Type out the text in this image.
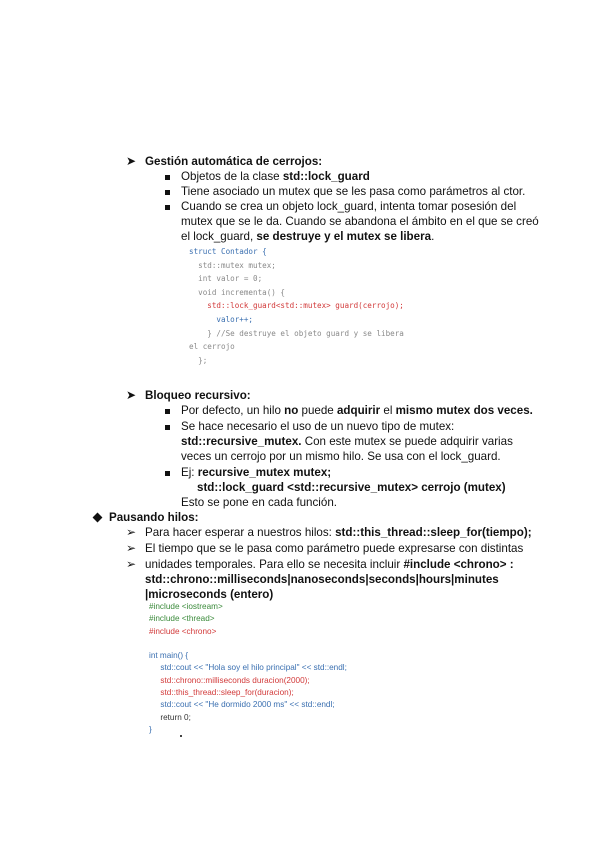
➤ Gestión automática de cerrojos:
Objetos de la clase std::lock_guard
Tiene asociado un mutex que se les pasa como parámetros al ctor.
Cuando se crea un objeto lock_guard, intenta tomar posesión del
mutex que se le da. Cuando se abandona el ámbito en el que se creó
el lock_guard, se destruye y el mutex se libera.
struct Contador {
std::mutex mutex;
int valor = 0;
void incrementa() {
std::lock_guard<std::mutex> guard(cerrojo);
valor++;
} //Se destruye el objeto guard y se libera
el cerrojo
};
➤ Bloqueo recursivo:
Por defecto, un hilo no puede adquirir el mismo mutex dos veces.
Se hace necesario el uso de un nuevo tipo de mutex:
std::recursive_mutex. Con este mutex se puede adquirir varias
veces un cerrojo por un mismo hilo. Se usa con el lock_guard.
Ej: recursive_mutex mutex;
std::lock_guard <std::recursive_mutex> cerrojo (mutex)
Esto se pone en cada función.
Pausando hilos:
➢ Para hacer esperar a nuestros hilos: std::this_thread::sleep_for(tiempo);
➢ El tiempo que se le pasa como parámetro puede expresarse con distintas
➢ unidades temporales. Para ello se necesita incluir #include <chrono> :
std::chrono::milliseconds|nanoseconds|seconds|hours|minutes
|microseconds (entero)
#include <iostream>
#include <thread>
#include <chrono>

int main() {
std::cout << "Hola soy el hilo principal" << std::endl;
std::chrono::milliseconds duracion(2000);
std::this_thread::sleep_for(duracion);
std::cout << "He dormido 2000 ms" << std::endl;
return 0;
}
